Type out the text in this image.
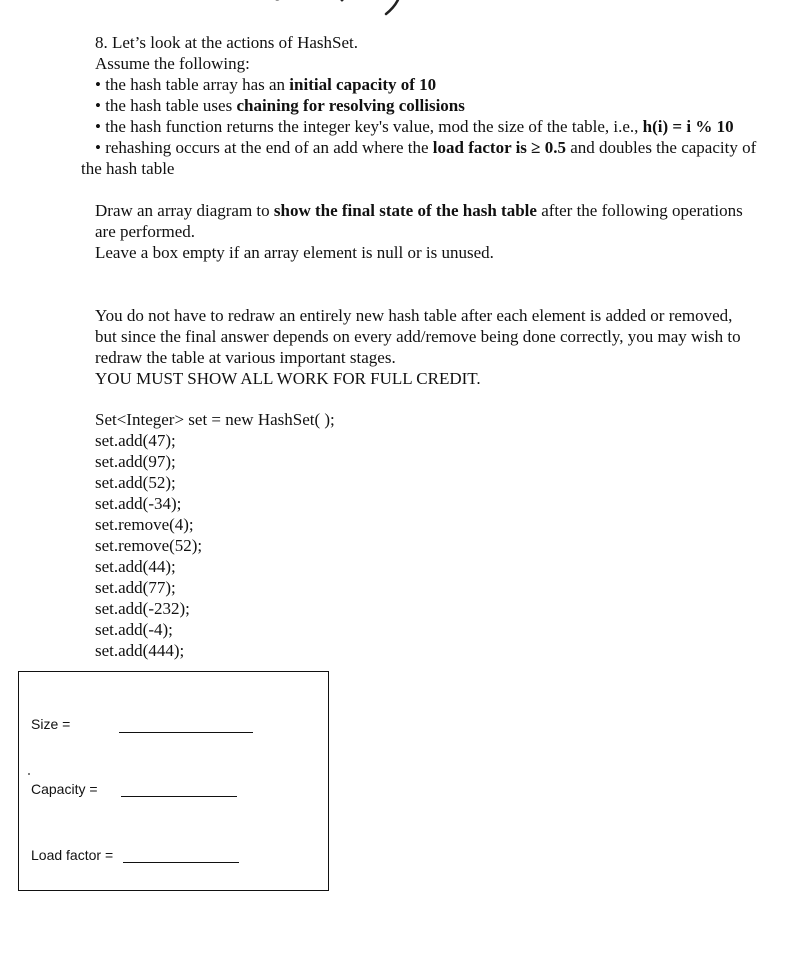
8. Let’s look at the actions of HashSet.
Assume the following:
• the hash table array has an initial capacity of 10
• the hash table uses chaining for resolving collisions
• the hash function returns the integer key's value, mod the size of the table, i.e., h(i) = i % 10
• rehashing occurs at the end of an add where the load factor is ≥ 0.5 and doubles the capacity of
the hash table
Draw an array diagram to show the final state of the hash table after the following operations
are performed.
Leave a box empty if an array element is null or is unused.
You do not have to redraw an entirely new hash table after each element is added or removed,
but since the final answer depends on every add/remove being done correctly, you may wish to
redraw the table at various important stages.
YOU MUST SHOW ALL WORK FOR FULL CREDIT.
Set<Integer> set = new HashSet( );
set.add(47);
set.add(97);
set.add(52);
set.add(-34);
set.remove(4);
set.remove(52);
set.add(44);
set.add(77);
set.add(-232);
set.add(-4);
set.add(444);
Size =
Capacity =
Load factor =
